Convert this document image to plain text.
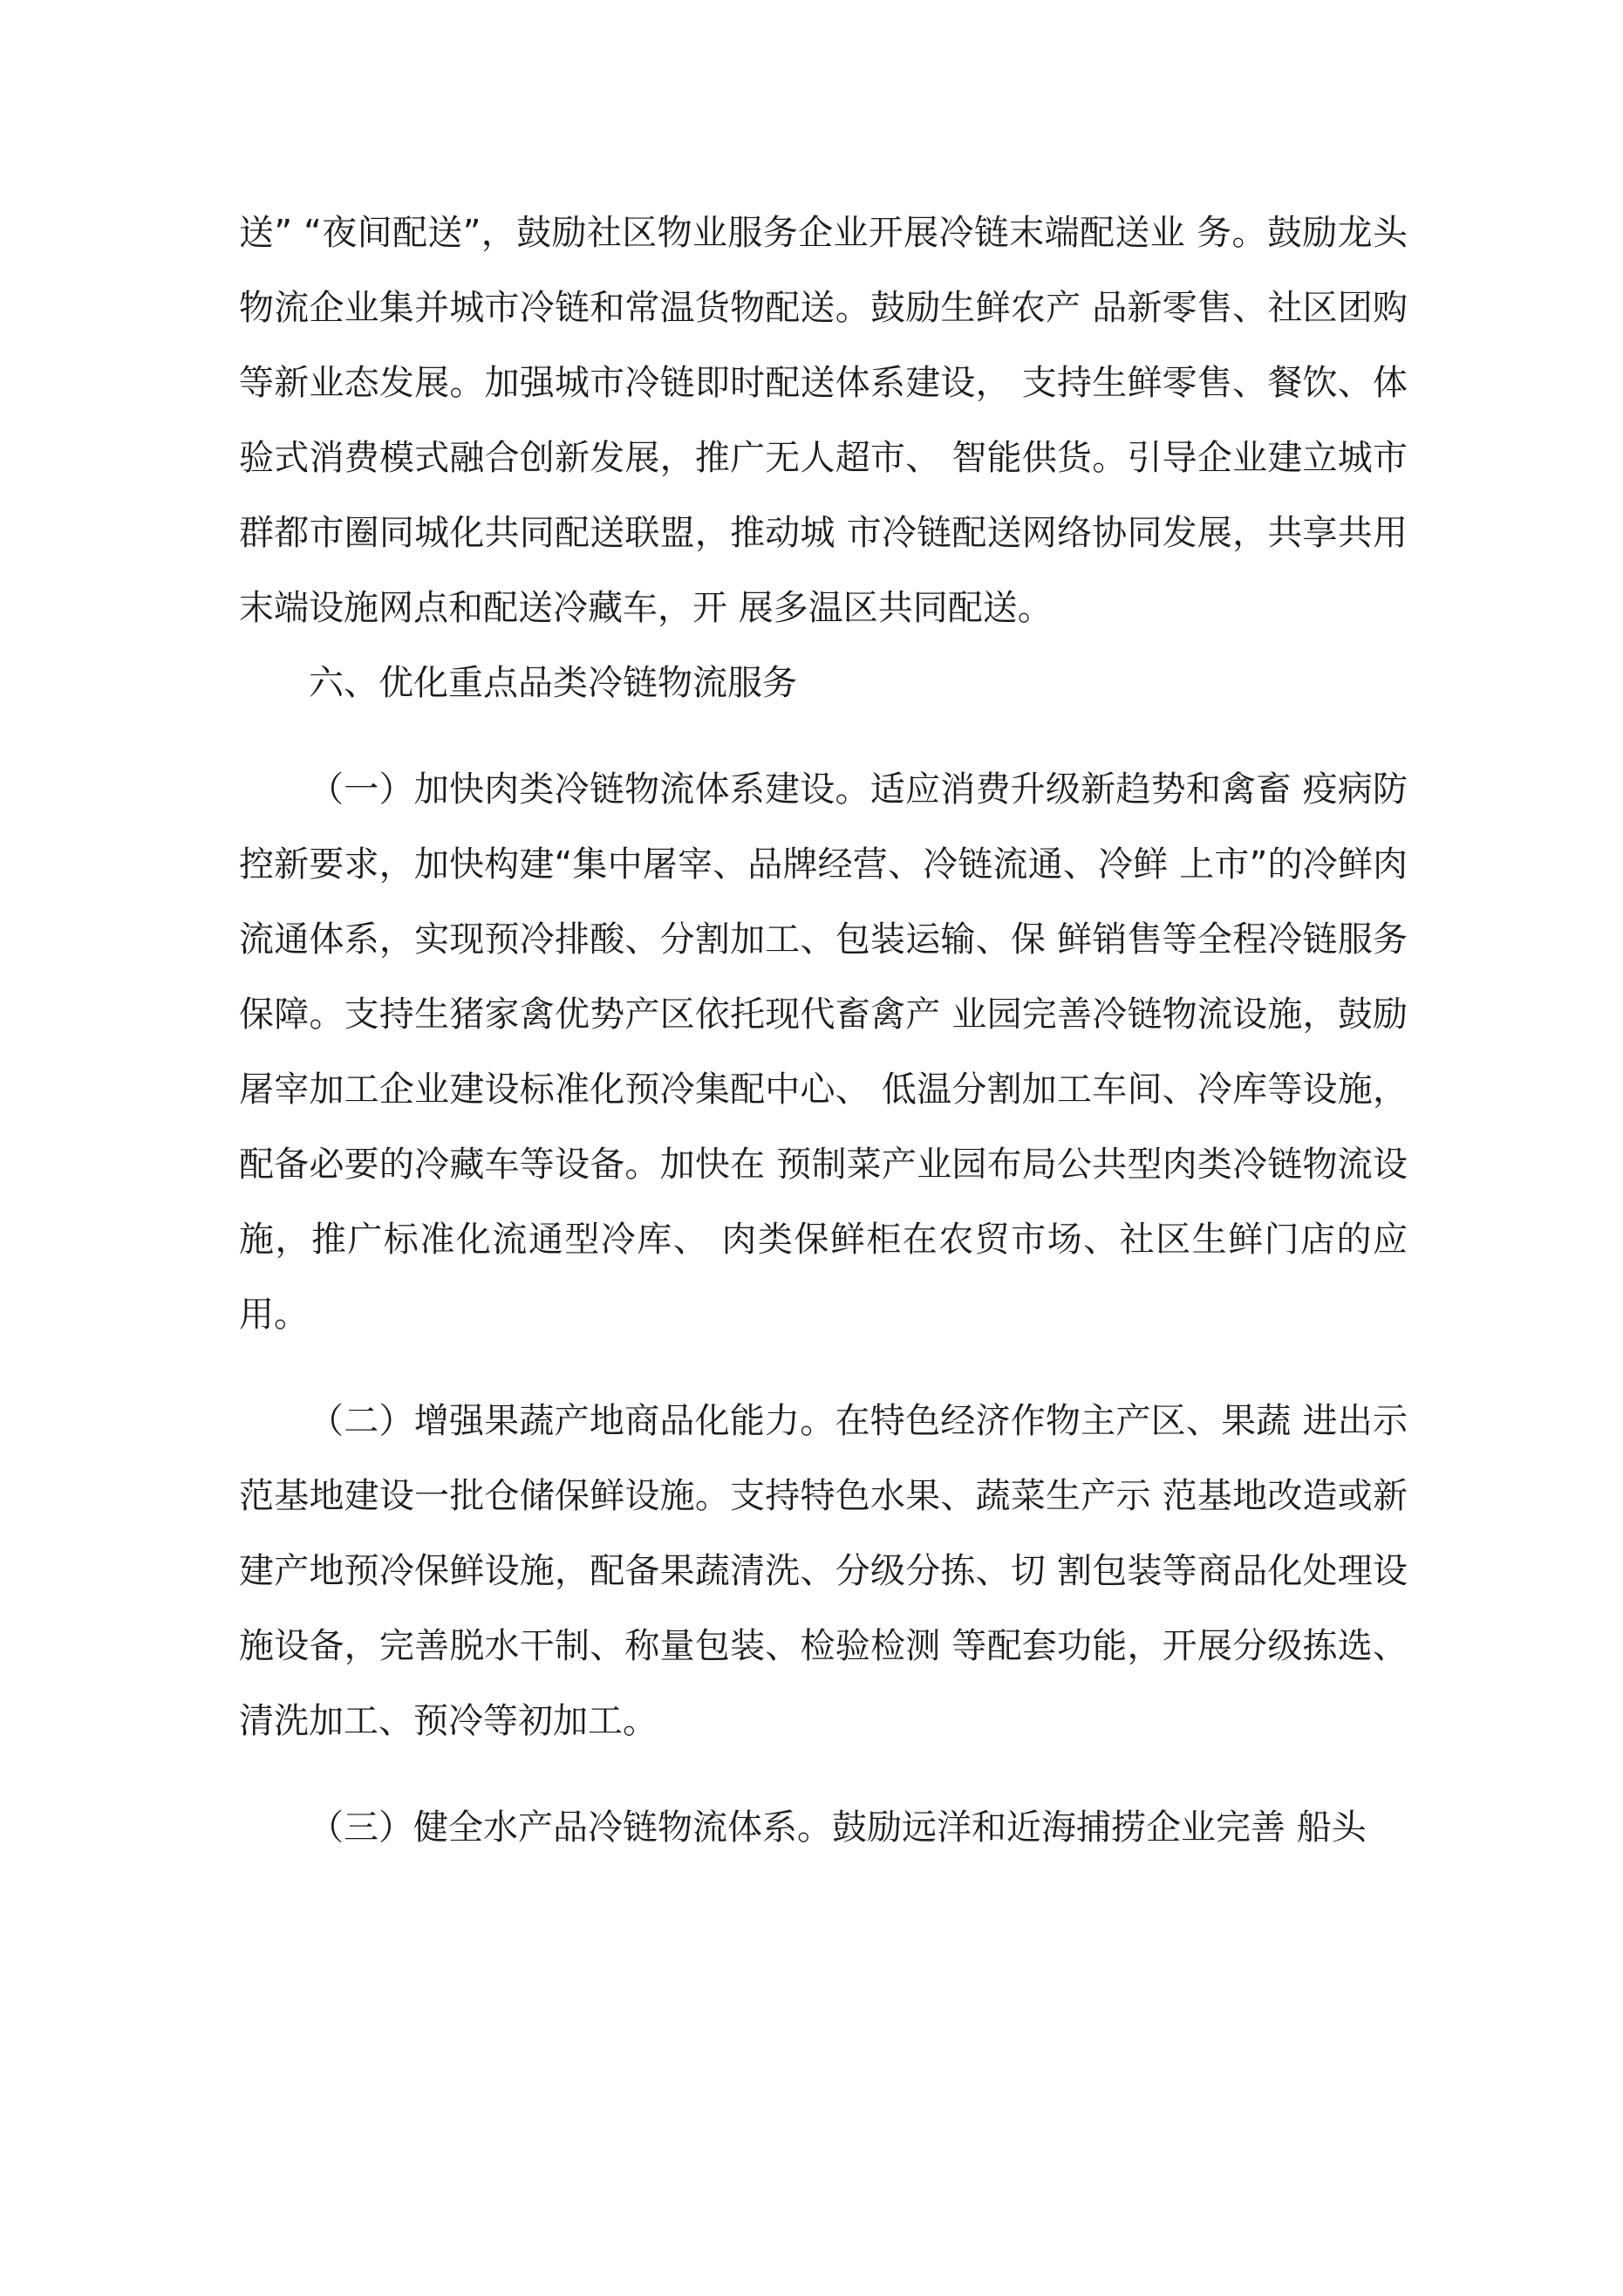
送” “夜间配送”，鼓励社区物业服务企业开展冷链末端配送业 务。鼓励龙头物流企业集并城市冷链和常温货物配送。鼓励生鲜农产 品新零售、社区团购等新业态发展。加强城市冷链即时配送体系建设， 支持生鲜零售、餐饮、体验式消费模式融合创新发展，推广无人超市、 智能供货。引导企业建立城市群都市圈同城化共同配送联盟，推动城 市冷链配送网络协同发展，共享共用末端设施网点和配送冷藏车，开 展多温区共同配送。

六、优化重点品类冷链物流服务

（一）加快肉类冷链物流体系建设。适应消费升级新趋势和禽畜 疫病防控新要求，加快构建“集中屠宰、品牌经营、冷链流通、冷鲜 上市”的冷鲜肉流通体系，实现预冷排酸、分割加工、包装运输、保 鲜销售等全程冷链服务保障。支持生猪家禽优势产区依托现代畜禽产 业园完善冷链物流设施，鼓励屠宰加工企业建设标准化预冷集配中心、 低温分割加工车间、冷库等设施，配备必要的冷藏车等设备。加快在 预制菜产业园布局公共型肉类冷链物流设施，推广标准化流通型冷库、 肉类保鲜柜在农贸市场、社区生鲜门店的应用。

（二）增强果蔬产地商品化能力。在特色经济作物主产区、果蔬 进出示范基地建设一批仓储保鲜设施。支持特色水果、蔬菜生产示 范基地改造或新建产地预冷保鲜设施，配备果蔬清洗、分级分拣、切 割包装等商品化处理设施设备，完善脱水干制、称量包装、检验检测 等配套功能，开展分级拣选、清洗加工、预冷等初加工。

（三）健全水产品冷链物流体系。鼓励远洋和近海捕捞企业完善 船头
